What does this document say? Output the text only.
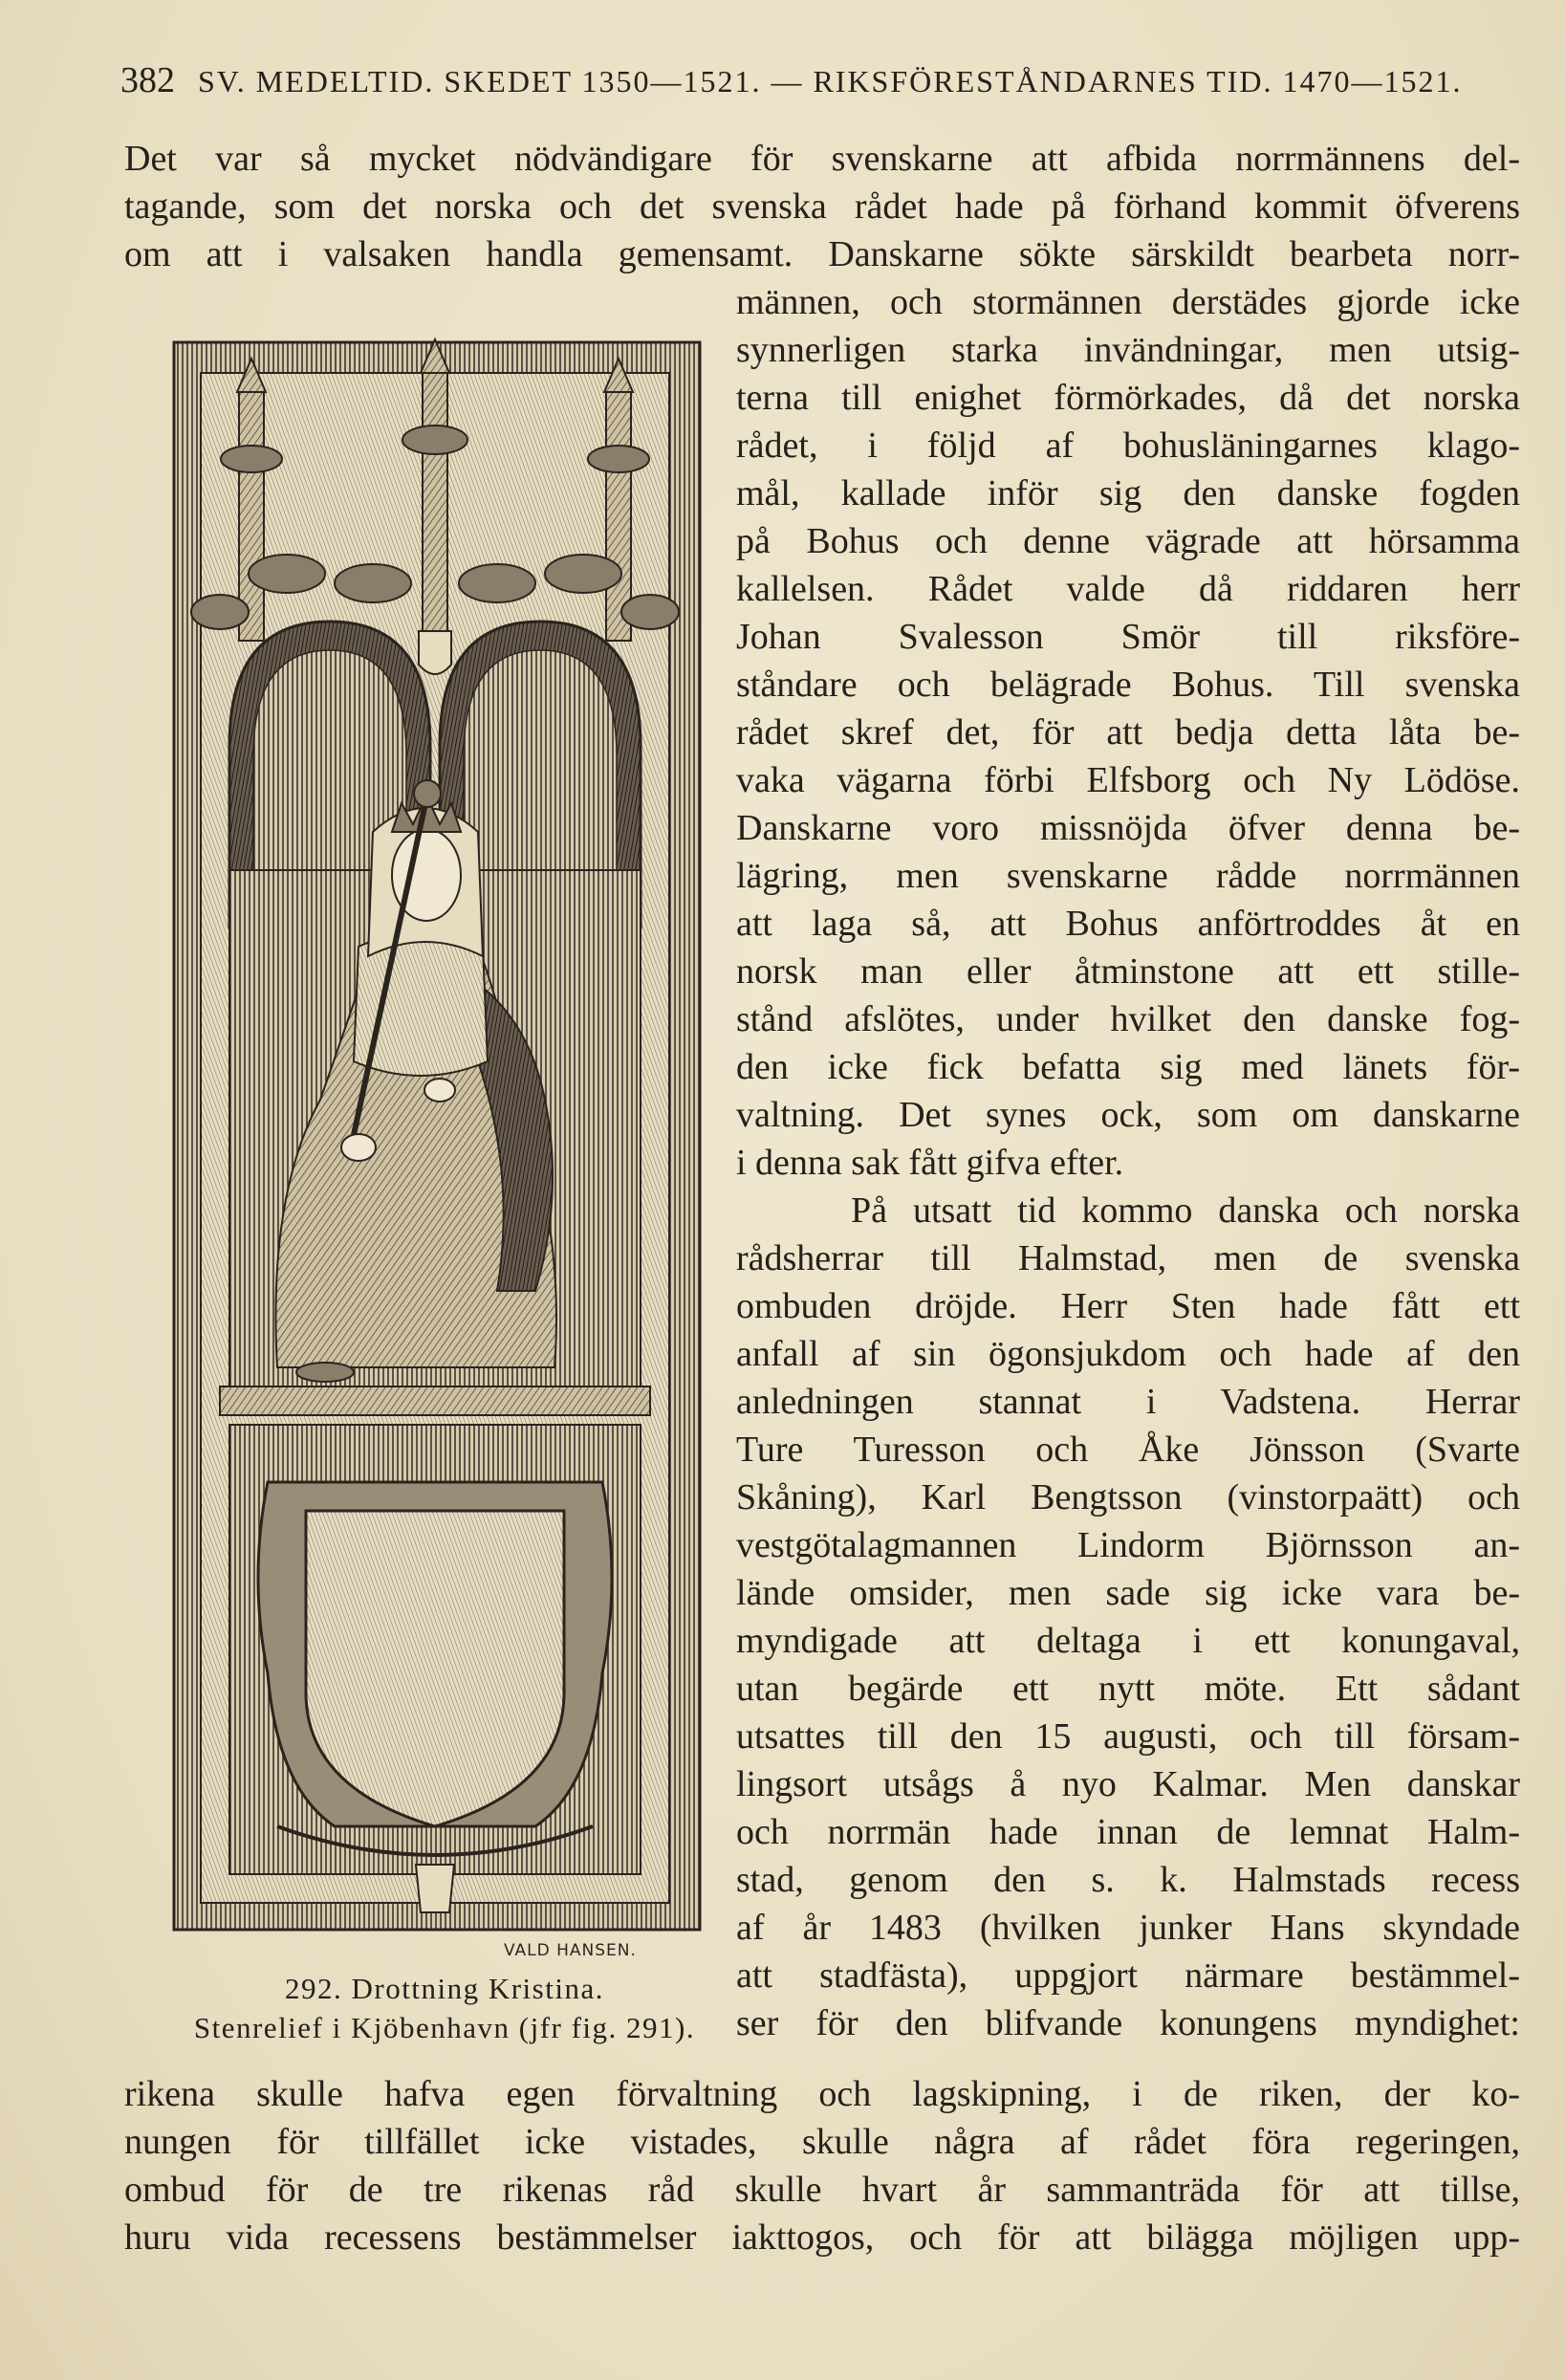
382 SV. MEDELTID. SKEDET 1350—1521. — RIKSFÖRESTÅNDARNES TID. 1470—1521.
Det var så mycket nödvändigare för svenskarne att afbida norrmännens del-
tagande, som det norska och det svenska rådet hade på förhand kommit öfverens
om att i valsaken handla gemensamt. Danskarne sökte särskildt bearbeta norr-
männen, och stormännen derstädes gjorde icke
synnerligen starka invändningar, men utsig-
terna till enighet förmörkades, då det norska
rådet, i följd af bohusläningarnes klago-
mål, kallade inför sig den danske fogden
på Bohus och denne vägrade att hörsamma
kallelsen. Rådet valde då riddaren herr
Johan Svalesson Smör till riksföre-
ståndare och belägrade Bohus. Till svenska
rådet skref det, för att bedja detta låta be-
vaka vägarna förbi Elfsborg och Ny Lödöse.
Danskarne voro missnöjda öfver denna be-
lägring, men svenskarne rådde norrmännen
att laga så, att Bohus anförtroddes åt en
norsk man eller åtminstone att ett stille-
stånd afslötes, under hvilket den danske fog-
den icke fick befatta sig med länets för-
valtning. Det synes ock, som om danskarne
i denna sak fått gifva efter.
På utsatt tid kommo danska och norska
rådsherrar till Halmstad, men de svenska
ombuden dröjde. Herr Sten hade fått ett
anfall af sin ögonsjukdom och hade af den
anledningen stannat i Vadstena. Herrar
Ture Turesson och Åke Jönsson (Svarte
Skåning), Karl Bengtsson (vinstorpaätt) och
vestgötalagmannen Lindorm Björnsson an-
lände omsider, men sade sig icke vara be-
myndigade att deltaga i ett konungaval,
utan begärde ett nytt möte. Ett sådant
utsattes till den 15 augusti, och till försam-
lingsort utsågs å nyo Kalmar. Men danskar
och norrmän hade innan de lemnat Halm-
stad, genom den s. k. Halmstads recess
af år 1483 (hvilken junker Hans skyndade
att stadfästa), uppgjort närmare bestämmel-
ser för den blifvande konungens myndighet:
rikena skulle hafva egen förvaltning och lagskipning, i de riken, der ko-
nungen för tillfället icke vistades, skulle några af rådet föra regeringen,
ombud för de tre rikenas råd skulle hvart år sammanträda för att tillse,
huru vida recessens bestämmelser iakttogos, och för att bilägga möjligen upp-
VALD HANSEN.
292. Drottning Kristina.
Stenrelief i Kjöbenhavn (jfr fig. 291).
